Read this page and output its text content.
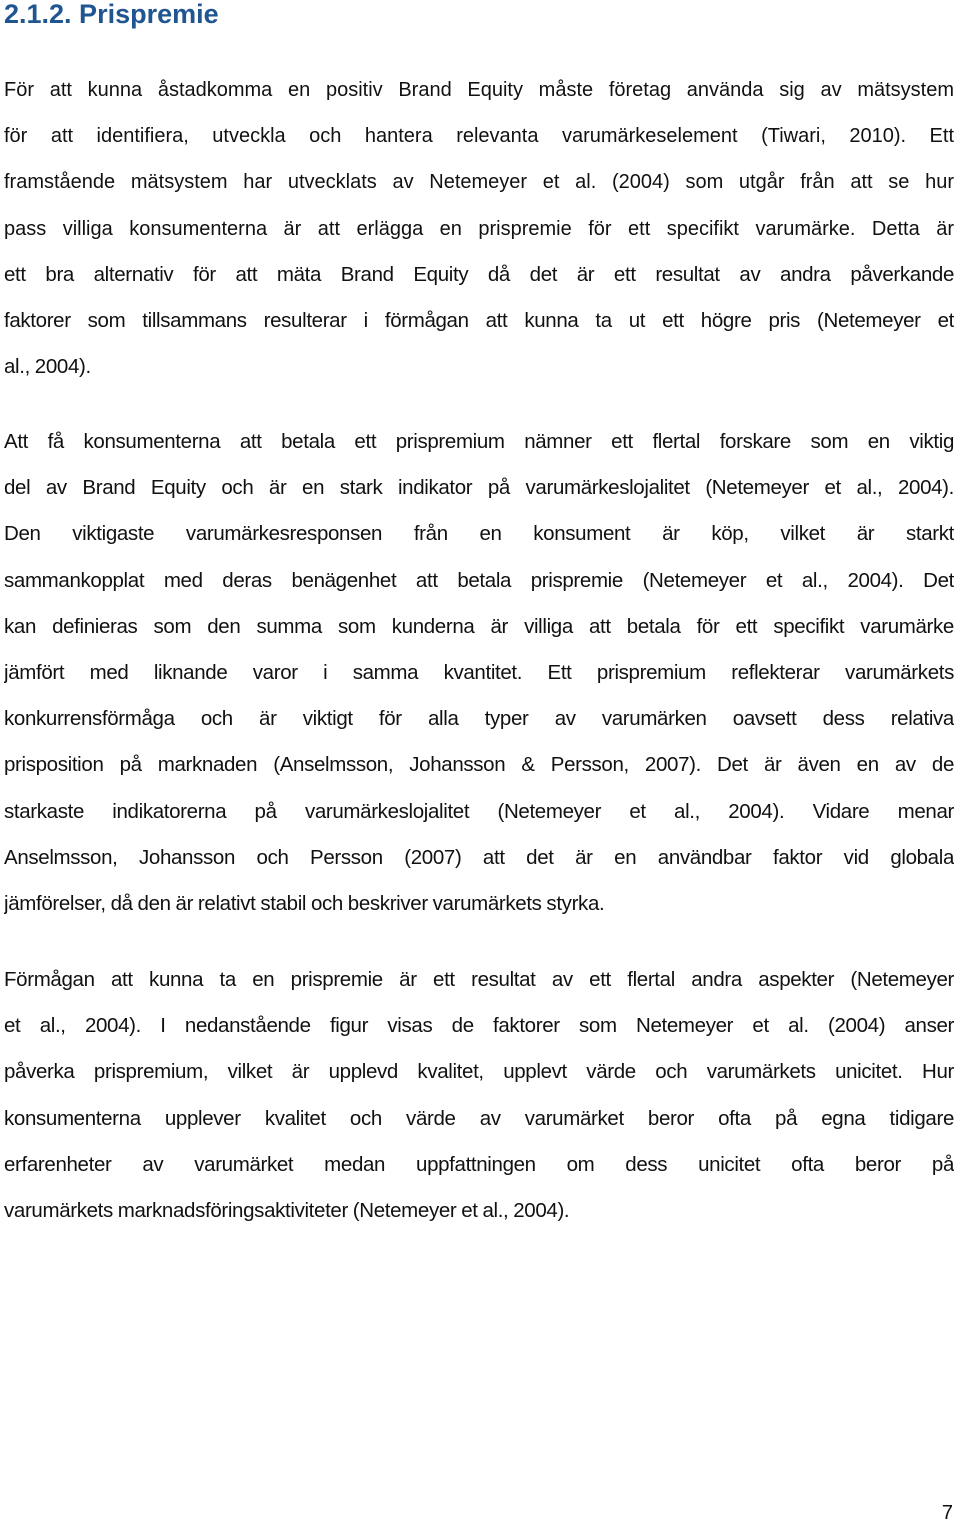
2.1.2. Prispremie

För att kunna åstadkomma en positiv Brand Equity måste företag använda sig av mätsystem
för att identifiera, utveckla och hantera relevanta varumärkeselement (Tiwari, 2010). Ett
framstående mätsystem har utvecklats av Netemeyer et al. (2004) som utgår från att se hur
pass villiga konsumenterna är att erlägga en prispremie för ett specifikt varumärke. Detta är
ett bra alternativ för att mäta Brand Equity då det är ett resultat av andra påverkande
faktorer som tillsammans resulterar i förmågan att kunna ta ut ett högre pris (Netemeyer et
al., 2004).

Att få konsumenterna att betala ett prispremium nämner ett flertal forskare som en viktig
del av Brand Equity och är en stark indikator på varumärkeslojalitet (Netemeyer et al., 2004).
Den viktigaste varumärkesresponsen från en konsument är köp, vilket är starkt
sammankopplat med deras benägenhet att betala prispremie (Netemeyer et al., 2004). Det
kan definieras som den summa som kunderna är villiga att betala för ett specifikt varumärke
jämfört med liknande varor i samma kvantitet. Ett prispremium reflekterar varumärkets
konkurrensförmåga och är viktigt för alla typer av varumärken oavsett dess relativa
prisposition på marknaden (Anselmsson, Johansson & Persson, 2007). Det är även en av de
starkaste indikatorerna på varumärkeslojalitet (Netemeyer et al., 2004). Vidare menar
Anselmsson, Johansson och Persson (2007) att det är en användbar faktor vid globala
jämförelser, då den är relativt stabil och beskriver varumärkets styrka.

Förmågan att kunna ta en prispremie är ett resultat av ett flertal andra aspekter (Netemeyer
et al., 2004). I nedanstående figur visas de faktorer som Netemeyer et al. (2004) anser
påverka prispremium, vilket är upplevd kvalitet, upplevt värde och varumärkets unicitet. Hur
konsumenterna upplever kvalitet och värde av varumärket beror ofta på egna tidigare
erfarenheter av varumärket medan uppfattningen om dess unicitet ofta beror på
varumärkets marknadsföringsaktiviteter (Netemeyer et al., 2004).

7
